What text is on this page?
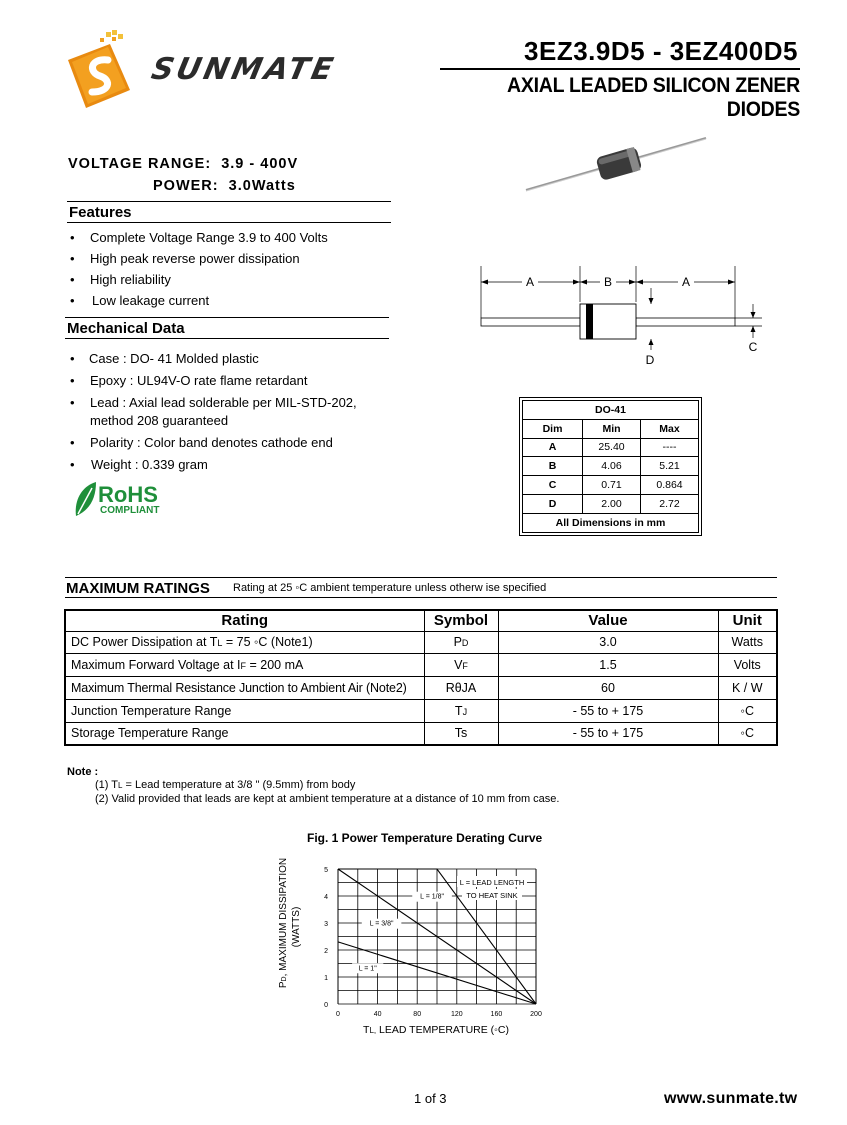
SUNMATE
3EZ3.9D5 - 3EZ400D5
AXIAL LEADED SILICON ZENER DIODES
VOLTAGE RANGE: 3.9 - 400V
POWER: 3.0Watts
Features
• Complete Voltage Range 3.9 to 400 Volts
• High peak reverse power dissipation
• High reliability
• Low leakage current
Mechanical Data
• Case : DO- 41 Molded plastic
• Epoxy : UL94V-O rate flame retardant
• Lead : Axial lead solderable per MIL-STD-202,
method 208 guaranteed
• Polarity : Color band denotes cathode end
• Weight : 0.339 gram
RoHS
COMPLIANT
A	B	A
D
C
DO-41		
Dim	Min	Max
A	25.40	----
B	4.06	5.21
C	0.71	0.864
D	2.00	2.72
All Dimensions in mm		
MAXIMUM RATINGS Rating at 25 ◦C ambient temperature unless otherw ise specified
Rating	Symbol	Value	Unit
DC Power Dissipation at TL = 75 ◦C (Note1)	PD	3.0	Watts
Maximum Forward Voltage at IF = 200 mA	VF	1.5	Volts
Maximum Thermal Resistance Junction to Ambient Air (Note2)	RθJA	60	K / W
Junction Temperature Range	TJ	- 55 to + 175	◦C
Storage Temperature Range	Ts	- 55 to + 175	◦C
Note :
(1) TL = Lead temperature at 3/8 " (9.5mm) from body
(2) Valid provided that leads are kept at ambient temperature at a distance of 10 mm from case.
Fig. 1 Power Temperature Derating Curve
L = 1/8"
L = 3/8"
L = 1"
0	40	80	120	160	200
0
1
2
3
4
5
PD, MAXIMUM DISSIPATION (WATTS)
TL, LEAD TEMPERATURE (◦C)
L = LEAD LENGTH
TO HEAT SINK
1 of 3	www.sunmate.tw
